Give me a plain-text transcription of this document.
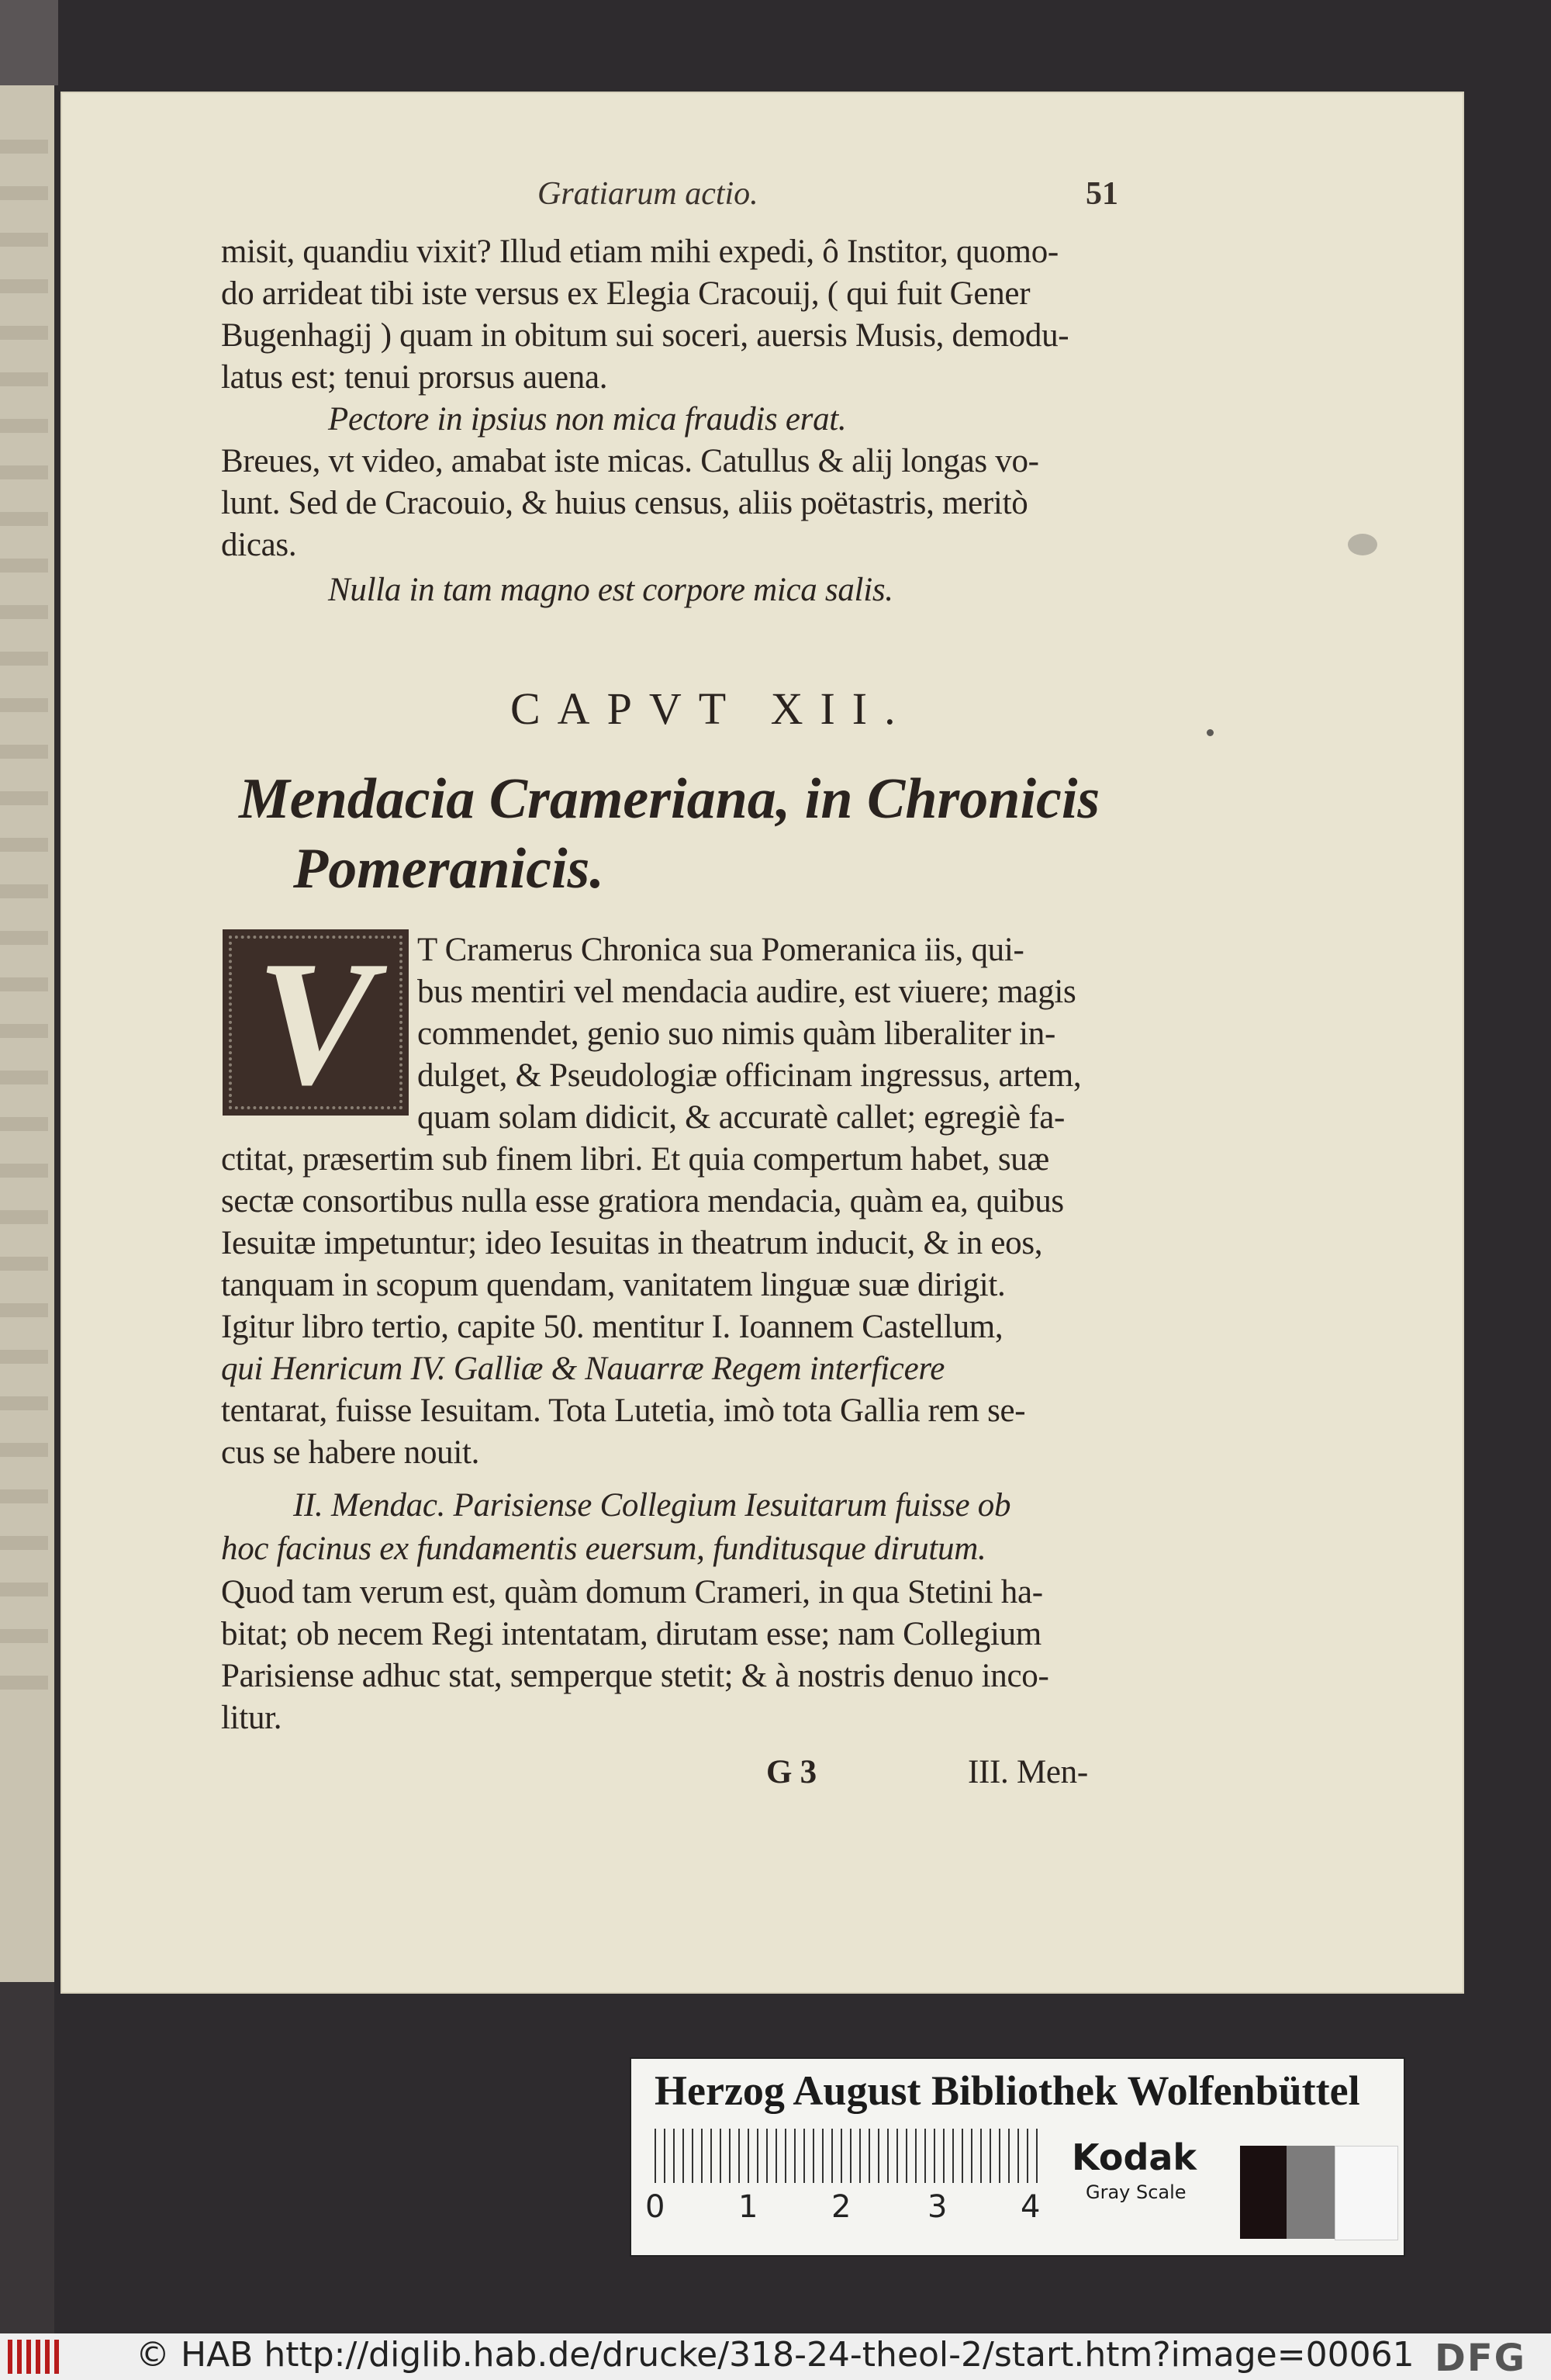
Gratiarum actio.	51
misit, quandiu vixit? Illud etiam mihi expedi, ô Institor, quomo-
do arrideat tibi iste versus ex Elegia Cracouij, ( qui fuit Gener
Bugenhagij ) quam in obitum sui soceri, auersis Musis, demodu-
latus est; tenui prorsus auena.
Pectore in ipsius non mica fraudis erat.
Breues, vt video, amabat iste micas. Catullus & alij longas vo-
lunt. Sed de Cracouio, & huius census, aliis poëtastris, meritò
dicas.
Nulla in tam magno est corpore mica salis.
CAPVT XII.
Mendacia Crameriana, in Chronicis
Pomeranicis.
V	T Cramerus Chronica sua Pomeranica iis, qui-
bus mentiri vel mendacia audire, est viuere; magis
commendet, genio suo nimis quàm liberaliter in-
dulget, & Pseudologiæ officinam ingressus, artem,
quam solam didicit, & accuratè callet; egregiè fa-
ctitat, præsertim sub finem libri. Et quia compertum habet, suæ
sectæ consortibus nulla esse gratiora mendacia, quàm ea, quibus
Iesuitæ impetuntur; ideo Iesuitas in theatrum inducit, & in eos,
tanquam in scopum quendam, vanitatem linguæ suæ dirigit.
Igitur libro tertio, capite 50. mentitur I. Ioannem Castellum,
qui Henricum IV. Galliæ & Nauarræ Regem interficere
tentarat, fuisse Iesuitam. Tota Lutetia, imò tota Gallia rem se-
cus se habere nouit.
II. Mendac. Parisiense Collegium Iesuitarum fuisse ob
hoc facinus ex fundamentis euersum, funditusque dirutum.
Quod tam verum est, quàm domum Crameri, in qua Stetini ha-
bitat; ob necem Regi intentatam, dirutam esse; nam Collegium
Parisiense adhuc stat, semperque stetit; & à nostris denuo inco-
litur.
G 3	III. Men-
Herzog August Bibliothek Wolfenbüttel
0 1 2 3 4
Kodak
Gray Scale
© HAB http://diglib.hab.de/drucke/318-24-theol-2/start.htm?image=00061 DFG
